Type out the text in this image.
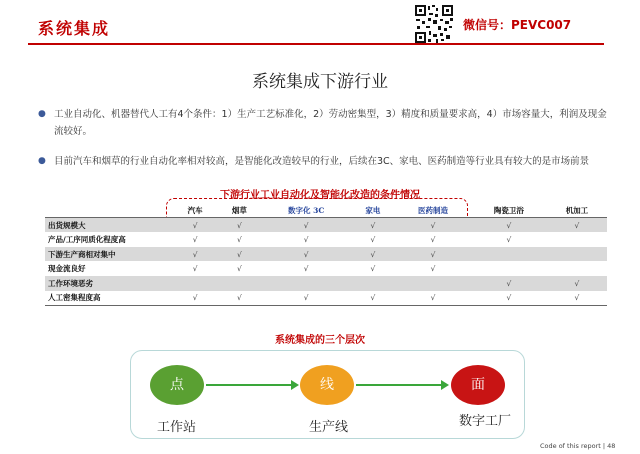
系统集成	微信号：PEVC007
系统集成下游行业
● 工业自动化、机器替代人工有4个条件：1）生产工艺标准化，2）劳动密集型，3）精度和质量要求高，4）市场容量大，利润及现金流较好。
● 目前汽车和烟草的行业自动化率相对较高，是智能化改造较早的行业，后续在3C、家电、医药制造等行业具有较大的是市场前景
下游行业工业自动化及智能化改造的条件情况
	汽车	烟草	数字化 3C	家电	医药制造	陶瓷卫浴	机加工
出货规模大	√	√	√	√	√	√	√
产品/工序同质化程度高	√	√	√	√	√	√	
下游生产商相对集中	√	√	√	√	√		
现金流良好	√	√	√	√	√		
工作环境恶劣						√	√
人工密集程度高	√	√	√	√	√	√	√
系统集成的三个层次
点	线	面
工作站	生产线	数字工厂
Code of this report | 48
